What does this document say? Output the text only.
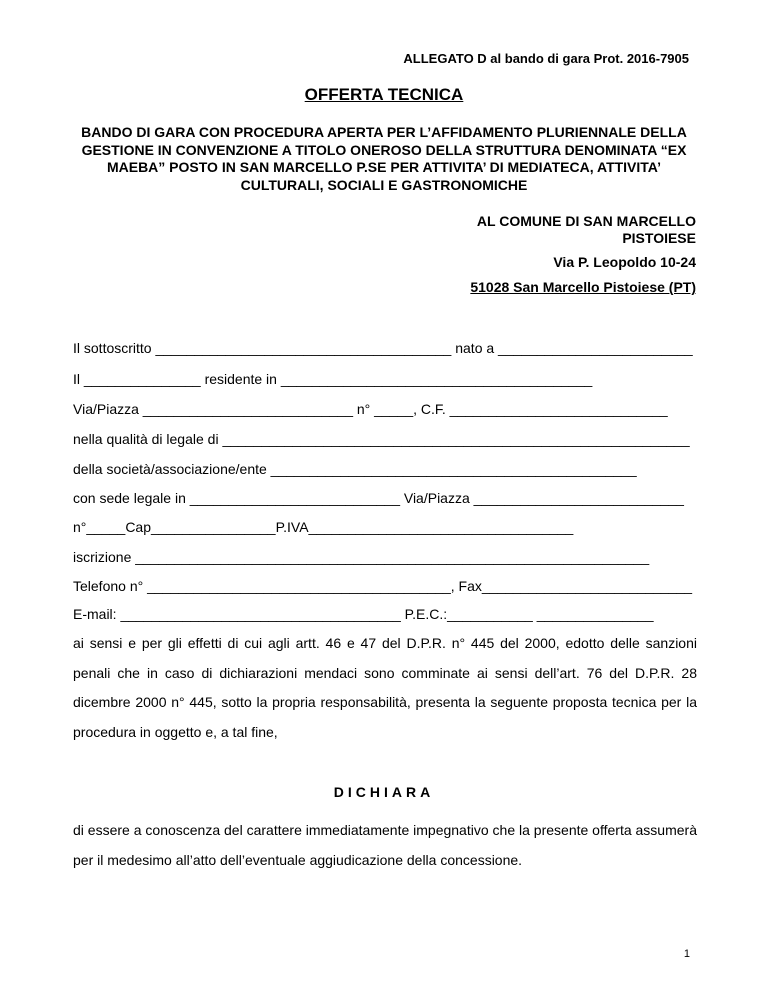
ALLEGATO D al bando di gara Prot. 2016-7905
OFFERTA TECNICA
BANDO DI GARA CON PROCEDURA APERTA PER L’AFFIDAMENTO PLURIENNALE DELLA GESTIONE IN CONVENZIONE A TITOLO ONEROSO DELLA STRUTTURA DENOMINATA “EX MAEBA” POSTO IN SAN MARCELLO P.SE PER ATTIVITA’ DI MEDIATECA, ATTIVITA’ CULTURALI, SOCIALI E GASTRONOMICHE
AL COMUNE DI SAN MARCELLO
PISTOIESE
Via P. Leopoldo 10-24
51028 San Marcello Pistoiese (PT)
Il sottoscritto ______________________________________ nato a _________________________
Il _______________ residente in ________________________________________
Via/Piazza ___________________________ n° _____, C.F. ____________________________
nella qualità di legale di ____________________________________________________________
della società/associazione/ente _______________________________________________
con sede legale in ___________________________ Via/Piazza ___________________________
n°_____Cap________________P.IVA__________________________________
iscrizione __________________________________________________________________
Telefono n° _______________________________________, Fax___________________________
E-mail: ____________________________________ P.E.C.:___________ _______________
ai sensi e per gli effetti di cui agli artt. 46 e 47 del D.P.R. n° 445 del 2000, edotto delle sanzioni penali che in caso di dichiarazioni mendaci sono comminate ai sensi dell’art. 76 del D.P.R. 28 dicembre 2000 n° 445, sotto la propria responsabilità, presenta la seguente proposta tecnica per la procedura in oggetto e, a tal fine,
DICHIARA
di essere a conoscenza del carattere immediatamente impegnativo che la presente offerta assumerà per il medesimo all’atto dell’eventuale aggiudicazione della concessione.
1
